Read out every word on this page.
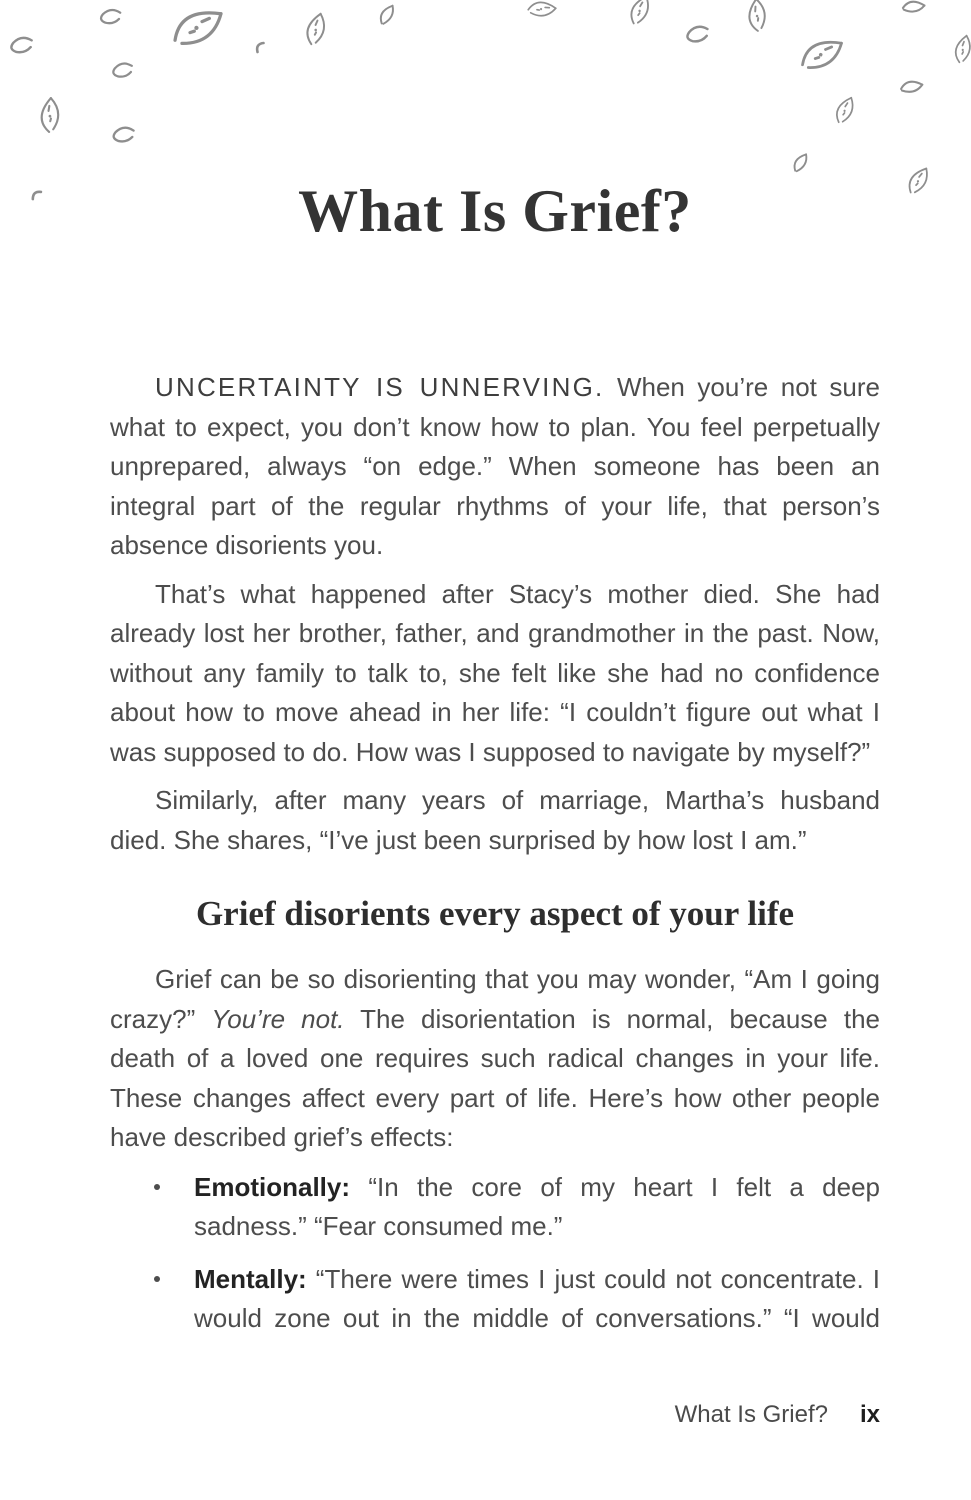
What Is Grief?

UNCERTAINTY IS UNNERVING. When you’re not sure what to expect, you don’t know how to plan. You feel perpetually unprepared, always “on edge.” When someone has been an integral part of the regular rhythms of your life, that person’s absence disorients you.

That’s what happened after Stacy’s mother died. She had already lost her brother, father, and grandmother in the past. Now, without any family to talk to, she felt like she had no confidence about how to move ahead in her life: “I couldn’t figure out what I was supposed to do. How was I supposed to navigate by myself?”

Similarly, after many years of marriage, Martha’s husband died. She shares, “I’ve just been surprised by how lost I am.”

Grief disorients every aspect of your life

Grief can be so disorienting that you may wonder, “Am I going crazy?” You’re not. The disorientation is normal, because the death of a loved one requires such radical changes in your life. These changes affect every part of life. Here’s how other people have described grief’s effects:

Emotionally: “In the core of my heart I felt a deep sadness.” “Fear consumed me.”
Mentally: “There were times I just could not concentrate. I would zone out in the middle of conversations.” “I would
What Is Grief? ix
